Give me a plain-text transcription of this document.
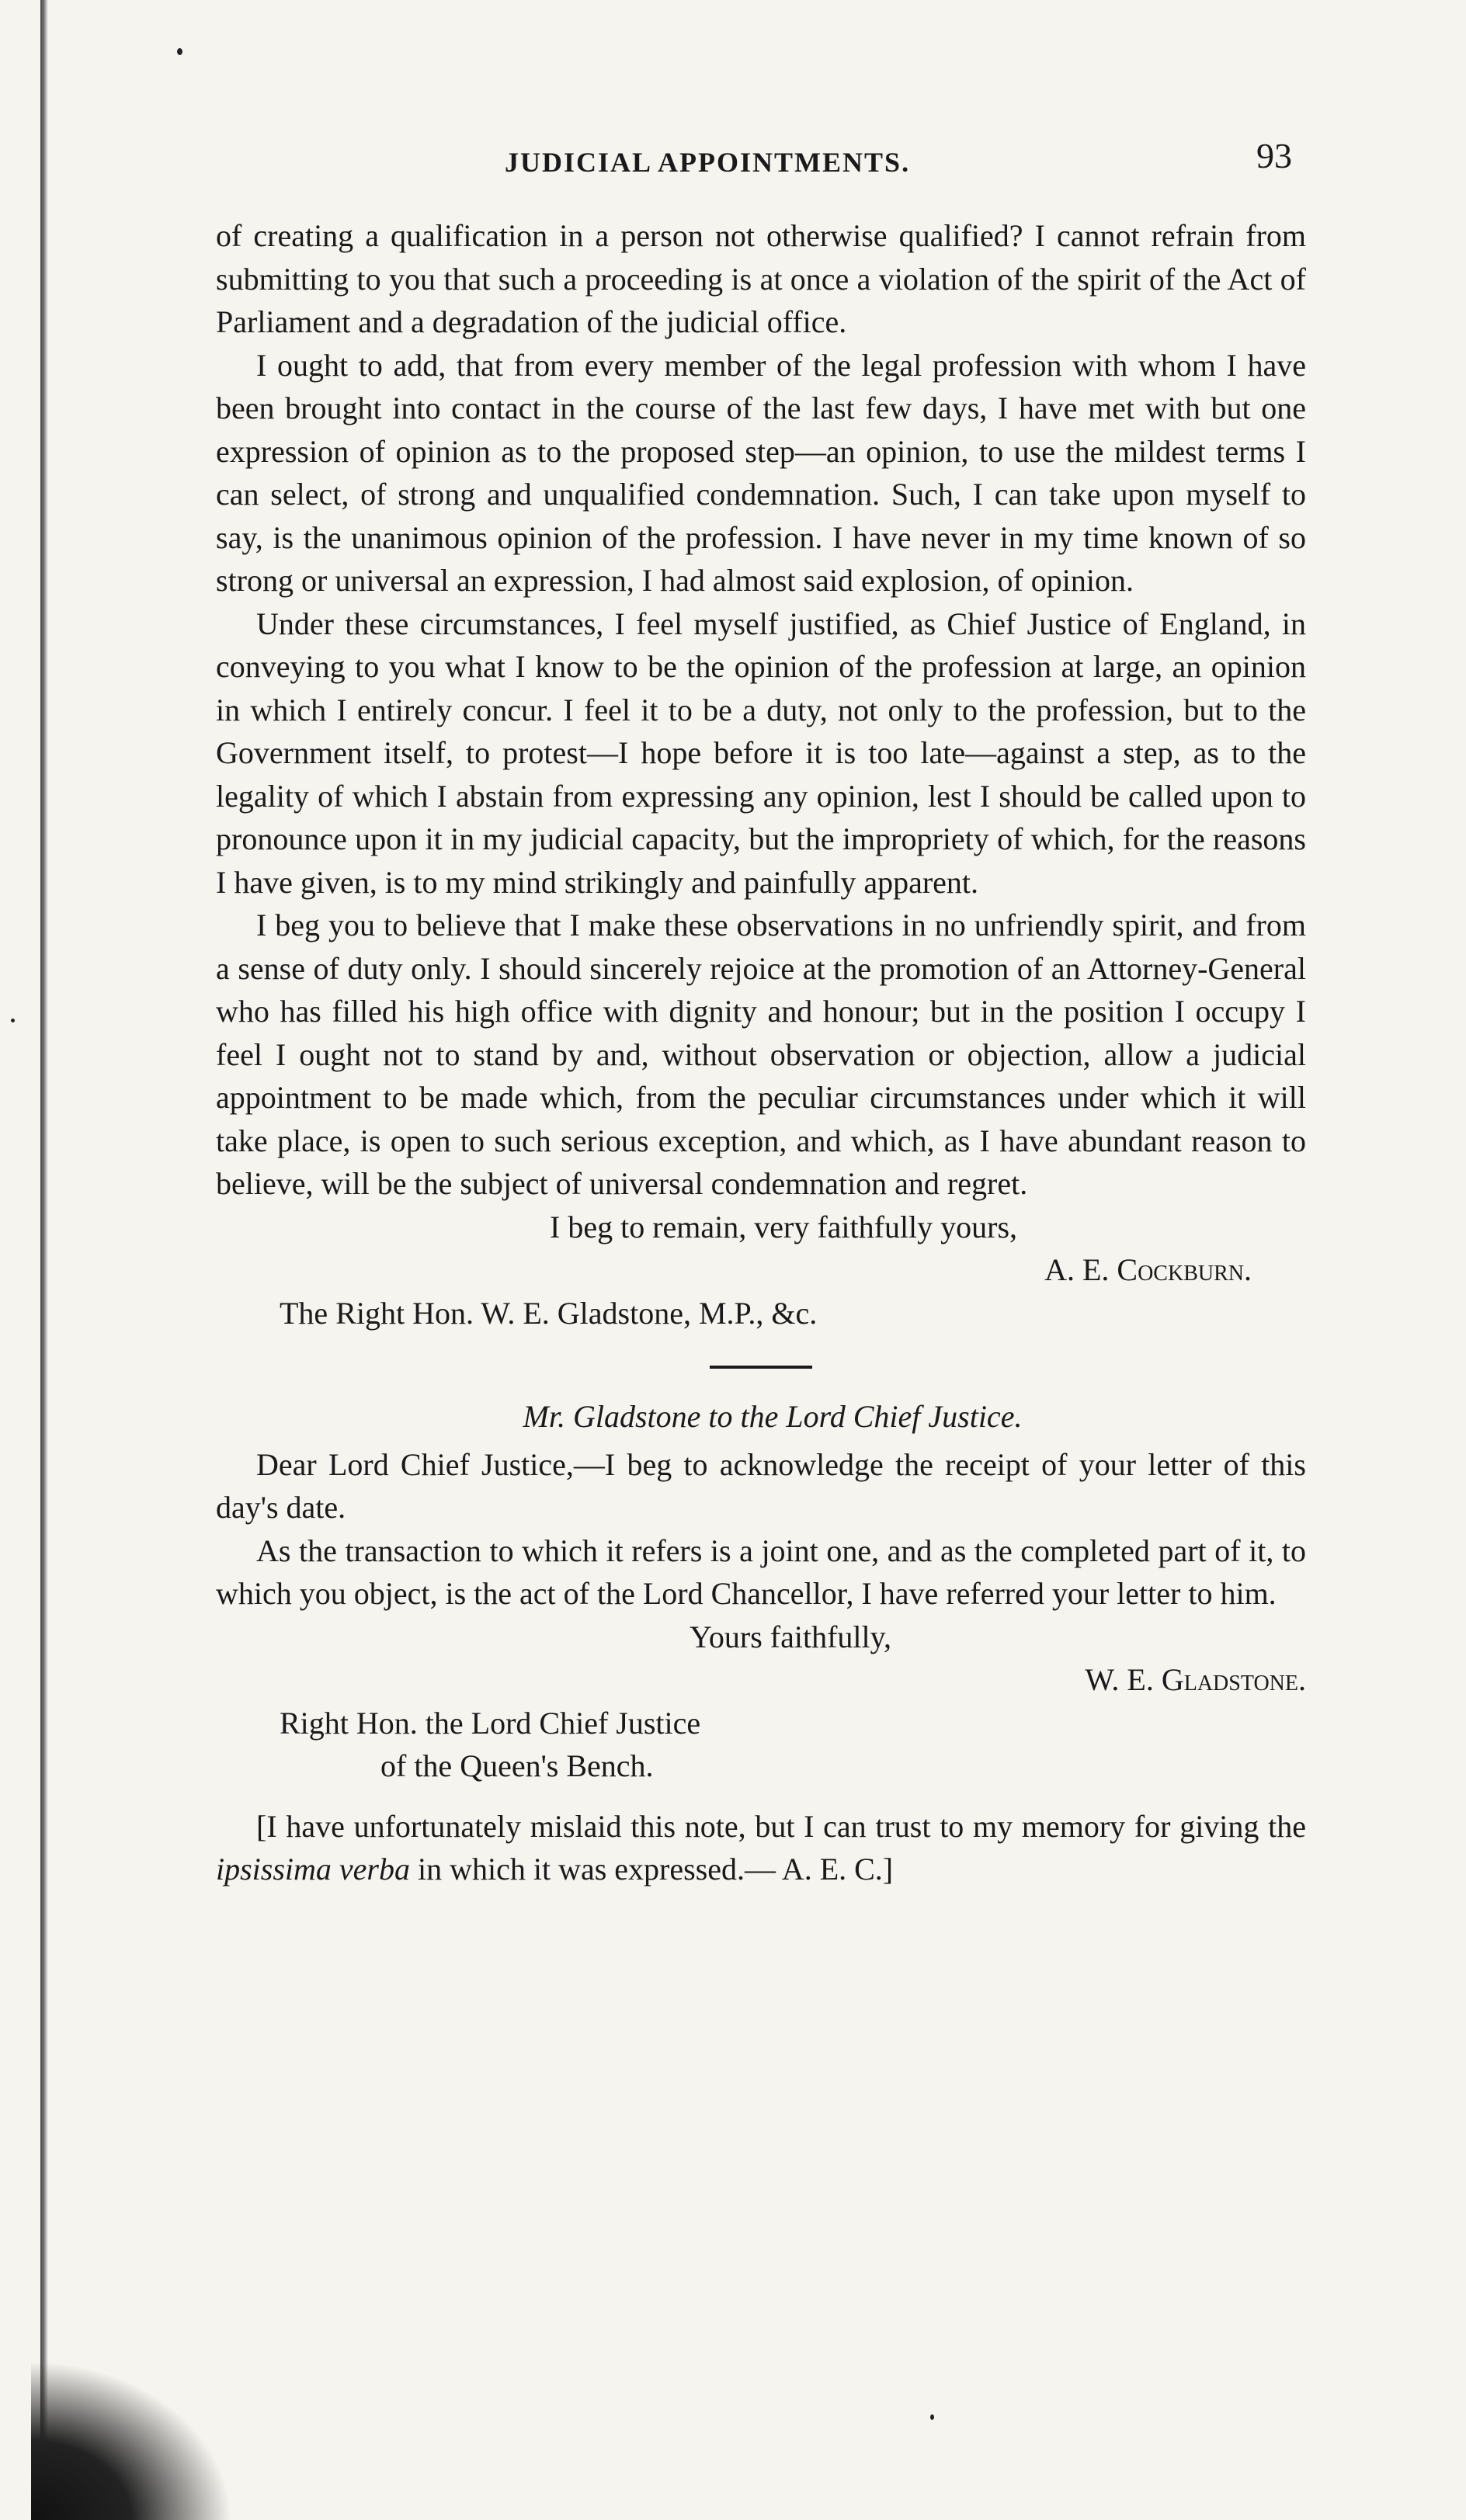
JUDICIAL APPOINTMENTS.	93

of creating a qualification in a person not otherwise qualified? I cannot refrain from submitting to you that such a proceeding is at once a violation of the spirit of the Act of Parliament and a degradation of the judicial office.

I ought to add, that from every member of the legal profession with whom I have been brought into contact in the course of the last few days, I have met with but one expression of opinion as to the proposed step—an opinion, to use the mildest terms I can select, of strong and unqualified condemnation. Such, I can take upon myself to say, is the unanimous opinion of the profession. I have never in my time known of so strong or universal an expression, I had almost said explosion, of opinion.

Under these circumstances, I feel myself justified, as Chief Justice of England, in conveying to you what I know to be the opinion of the profession at large, an opinion in which I entirely concur. I feel it to be a duty, not only to the profession, but to the Government itself, to protest—I hope before it is too late—against a step, as to the legality of which I abstain from expressing any opinion, lest I should be called upon to pronounce upon it in my judicial capacity, but the impropriety of which, for the reasons I have given, is to my mind strikingly and painfully apparent.

I beg you to believe that I make these observations in no unfriendly spirit, and from a sense of duty only. I should sincerely rejoice at the promotion of an Attorney-General who has filled his high office with dignity and honour; but in the position I occupy I feel I ought not to stand by and, without observation or objection, allow a judicial appointment to be made which, from the peculiar circumstances under which it will take place, is open to such serious exception, and which, as I have abundant reason to believe, will be the subject of universal condemnation and regret.

I beg to remain, very faithfully yours,

A. E. Cockburn.

The Right Hon. W. E. Gladstone, M.P., &c.

Mr. Gladstone to the Lord Chief Justice.

Dear Lord Chief Justice,—I beg to acknowledge the receipt of your letter of this day's date.

As the transaction to which it refers is a joint one, and as the completed part of it, to which you object, is the act of the Lord Chancellor, I have referred your letter to him.

Yours faithfully,

W. E. Gladstone.

Right Hon. the Lord Chief Justice

of the Queen's Bench.

[I have unfortunately mislaid this note, but I can trust to my memory for giving the ipsissima verba in which it was expressed.— A. E. C.]
